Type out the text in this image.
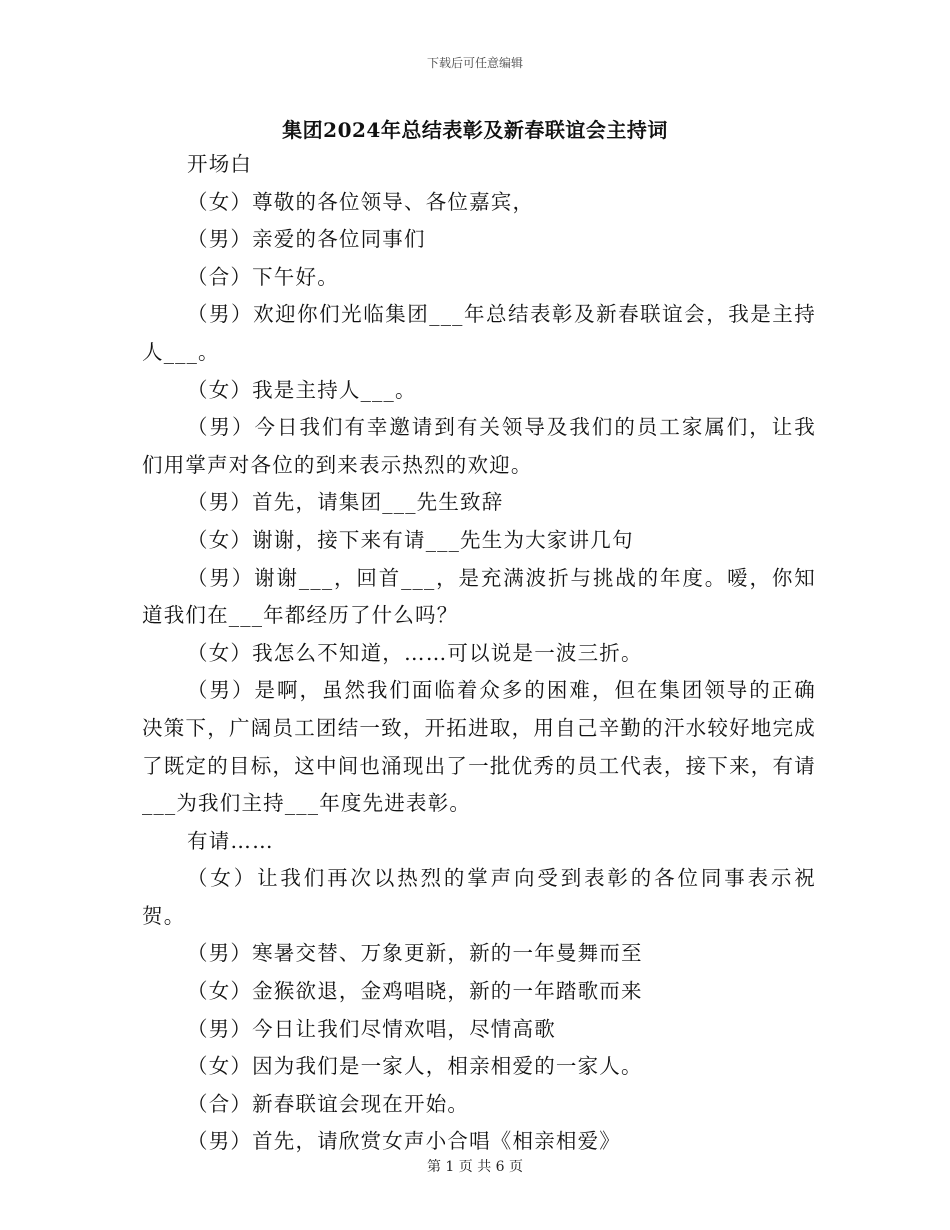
下载后可任意编辑
集团2024年总结表彰及新春联谊会主持词

开场白

（女）尊敬的各位领导、各位嘉宾，

（男）亲爱的各位同事们

（合）下午好。

（男）欢迎你们光临集团___年总结表彰及新春联谊会，我是主持人___。

（女）我是主持人___。

（男）今日我们有幸邀请到有关领导及我们的员工家属们，让我们用掌声对各位的到来表示热烈的欢迎。

（男）首先，请集团___先生致辞

（女）谢谢，接下来有请___先生为大家讲几句

（男）谢谢___，回首___，是充满波折与挑战的年度。嗳，你知道我们在___年都经历了什么吗？

（女）我怎么不知道，……可以说是一波三折。

（男）是啊，虽然我们面临着众多的困难，但在集团领导的正确决策下，广阔员工团结一致，开拓进取，用自己辛勤的汗水较好地完成了既定的目标，这中间也涌现出了一批优秀的员工代表，接下来，有请___为我们主持___年度先进表彰。

有请……

（女）让我们再次以热烈的掌声向受到表彰的各位同事表示祝贺。

（男）寒暑交替、万象更新，新的一年曼舞而至

（女）金猴欲退，金鸡唱晓，新的一年踏歌而来

（男）今日让我们尽情欢唱，尽情高歌

（女）因为我们是一家人，相亲相爱的一家人。

（合）新春联谊会现在开始。

（男）首先，请欣赏女声小合唱《相亲相爱》

第 1 页 共 6 页
